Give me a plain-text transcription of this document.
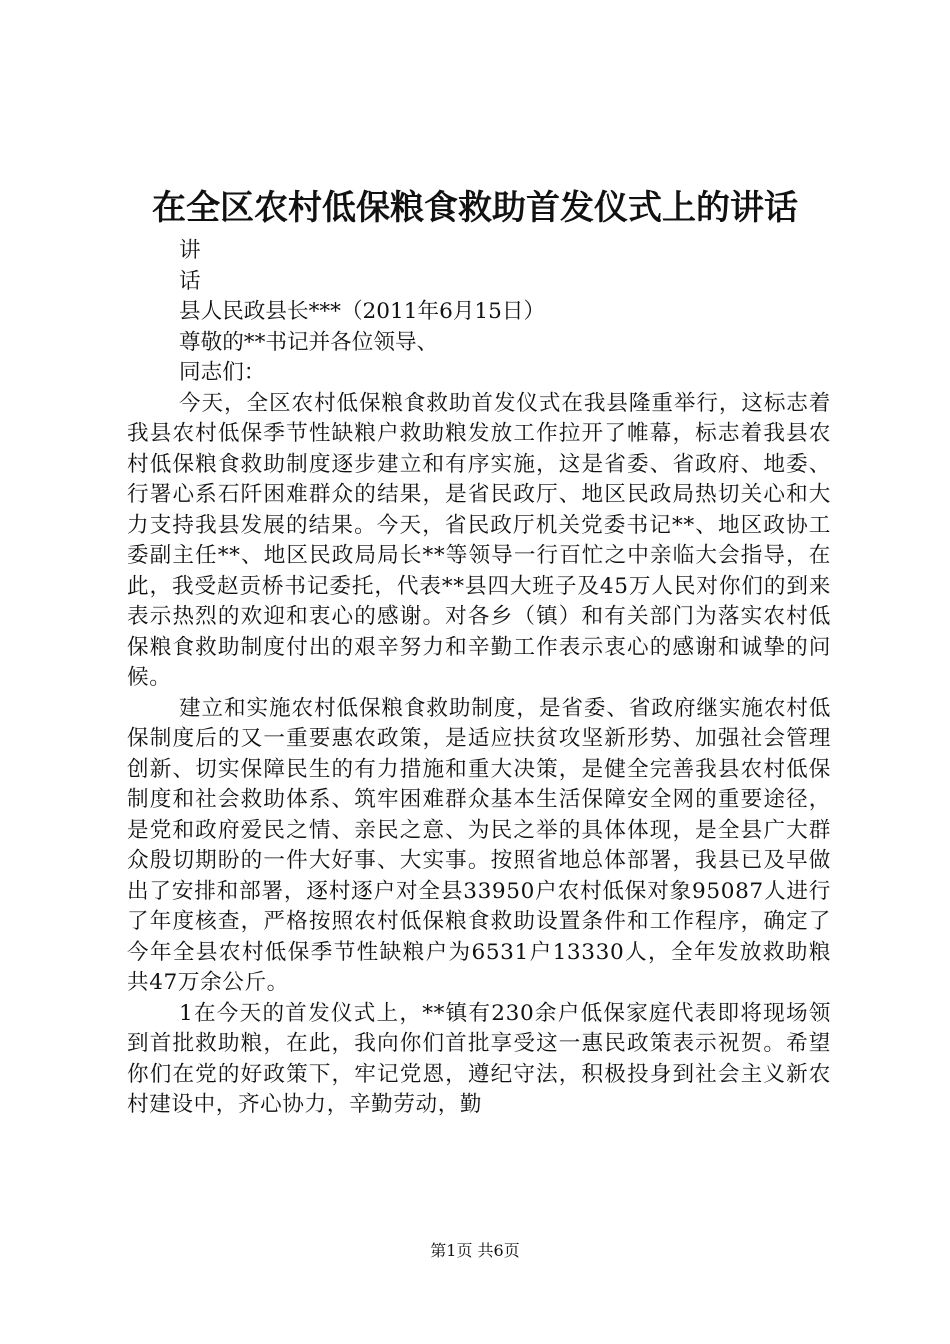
在全区农村低保粮食救助首发仪式上的讲话
讲
话
县人民政县长***（2011年6月15日）
尊敬的**书记并各位领导、
同志们：

今天，全区农村低保粮食救助首发仪式在我县隆重举行，这标志着我县农村低保季节性缺粮户救助粮发放工作拉开了帷幕，标志着我县农村低保粮食救助制度逐步建立和有序实施，这是省委、省政府、地委、行署心系石阡困难群众的结果，是省民政厅、地区民政局热切关心和大力支持我县发展的结果。今天，省民政厅机关党委书记**、地区政协工委副主任**、地区民政局局长**等领导一行百忙之中亲临大会指导，在此，我受赵贡桥书记委托，代表**县四大班子及45万人民对你们的到来表示热烈的欢迎和衷心的感谢。对各乡（镇）和有关部门为落实农村低保粮食救助制度付出的艰辛努力和辛勤工作表示衷心的感谢和诚挚的问候。

建立和实施农村低保粮食救助制度，是省委、省政府继实施农村低保制度后的又一重要惠农政策，是适应扶贫攻坚新形势、加强社会管理创新、切实保障民生的有力措施和重大决策，是健全完善我县农村低保制度和社会救助体系、筑牢困难群众基本生活保障安全网的重要途径，是党和政府爱民之情、亲民之意、为民之举的具体体现，是全县广大群众殷切期盼的一件大好事、大实事。按照省地总体部署，我县已及早做出了安排和部署，逐村逐户对全县33950户农村低保对象95087人进行了年度核查，严格按照农村低保粮食救助设置条件和工作程序，确定了今年全县农村低保季节性缺粮户为6531户13330人，全年发放救助粮共47万余公斤。

1在今天的首发仪式上，**镇有230余户低保家庭代表即将现场领到首批救助粮，在此，我向你们首批享受这一惠民政策表示祝贺。希望你们在党的好政策下，牢记党恩，遵纪守法，积极投身到社会主义新农村建设中，齐心协力，辛勤劳动，勤

第1页 共6页
